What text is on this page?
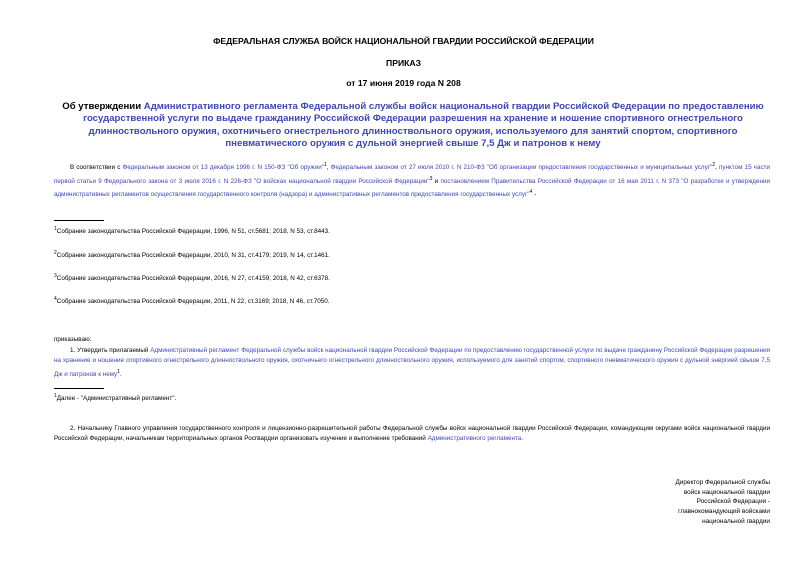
ФЕДЕРАЛЬНАЯ СЛУЖБА ВОЙСК НАЦИОНАЛЬНОЙ ГВАРДИИ РОССИЙСКОЙ ФЕДЕРАЦИИ
ПРИКАЗ
от 17 июня 2019 года N 208
Об утверждении Административного регламента Федеральной службы войск национальной гвардии Российской Федерации по предоставлению государственной услуги по выдаче гражданину Российской Федерации разрешения на хранение и ношение спортивного огнестрельного длинноствольного оружия, охотничьего огнестрельного длинноствольного оружия, используемого для занятий спортом, спортивного пневматического оружия с дульной энергией свыше 7,5 Дж и патронов к нему
В соответствии с Федеральным законом от 13 декабря 1996 г. N 150-ФЗ "Об оружии"$^1$, Федеральным законом от 27 июля 2010 г. N 210-ФЗ "Об организации предоставления государственных и муниципальных услуг"$^2$, пунктом 15 части первой статьи 9 Федерального закона от 3 июля 2016 г. N 226-ФЗ "О войсках национальной гвардии Российской Федерации"$^3$ и постановлением Правительства Российской Федерации от 16 мая 2011 г. N 373 "О разработке и утверждении административных регламентов осуществления государственного контроля (надзора) и административных регламентов предоставления государственных услуг"$^4$ -
$^1$Собрание законодательства Российской Федерации, 1996, N 51, ст.5681; 2018, N 53, ст.8443.
$^2$Собрание законодательства Российской Федерации, 2010, N 31, ст.4179; 2019, N 14, ст.1461.
$^3$Собрание законодательства Российской Федерации, 2016, N 27, ст.4159; 2018, N 42, ст.6378.
$^4$Собрание законодательства Российской Федерации, 2011, N 22, ст.3169; 2018, N 46, ст.7050.
приказываю:
1. Утвердить прилагаемый Административный регламент Федеральной службы войск национальной гвардии Российской Федерации по предоставлению государственной услуги по выдаче гражданину Российской Федерации разрешения на хранение и ношение спортивного огнестрельного длинноствольного оружия, охотничьего огнестрельного длинноствольного оружия, используемого для занятий спортом, спортивного пневматического оружия с дульной энергией свыше 7,5 Дж и патронов к нему$^1$.
$^1$Далее - "Административный регламент".
2. Начальнику Главного управления государственного контроля и лицензионно-разрешительной работы Федеральной службы войск национальной гвардии Российской Федерации, командующим округами войск национальной гвардии Российской Федерации, начальникам территориальных органов Росгвардии организовать изучение и выполнение требований Административного регламента.
Директор Федеральной службы
войск национальной гвардии
Российской Федерации -
главнокомандующий войсками
национальной гвардии
